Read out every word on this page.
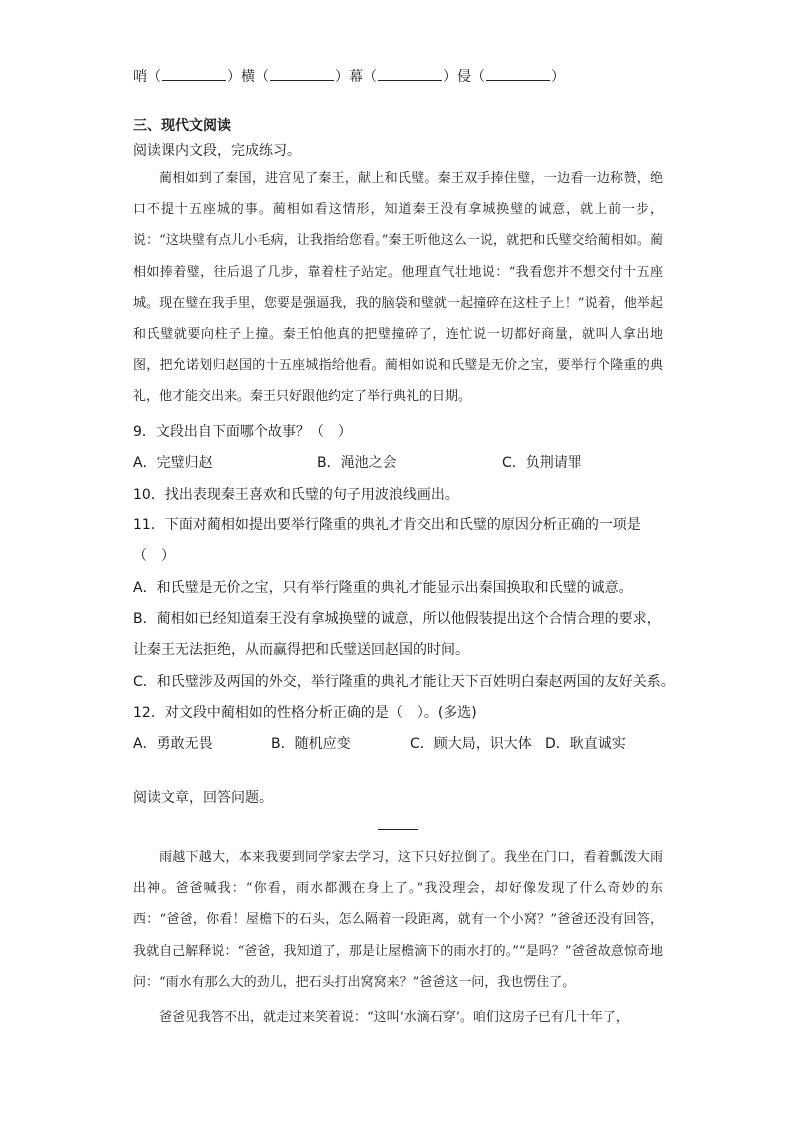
哨（	）横（	）幕（	）侵（	）
三、现代文阅读
阅读课内文段，完成练习。

蔺相如到了秦国，进宫见了秦王，献上和氏璧。秦王双手捧住璧，一边看一边称赞，绝口不提十五座城的事。蔺相如看这情形，知道秦王没有拿城换璧的诚意，就上前一步，说：“这块璧有点儿小毛病，让我指给您看。”秦王听他这么一说，就把和氏璧交给蔺相如。蔺相如捧着璧，往后退了几步，靠着柱子站定。他理直气壮地说：“我看您并不想交付十五座城。现在璧在我手里，您要是强逼我，我的脑袋和璧就一起撞碎在这柱子上！”说着，他举起和氏璧就要向柱子上撞。秦王怕他真的把璧撞碎了，连忙说一切都好商量，就叫人拿出地图，把允诺划归赵国的十五座城指给他看。蔺相如说和氏璧是无价之宝，要举行个隆重的典礼，他才能交出来。秦王只好跟他约定了举行典礼的日期。

9．文段出自下面哪个故事？（　）
A．完璧归赵	B．渑池之会	C．负荆请罪
10．找出表现秦王喜欢和氏璧的句子用波浪线画出。
11．下面对蔺相如提出要举行隆重的典礼才肯交出和氏璧的原因分析正确的一项是
（　）
A．和氏璧是无价之宝，只有举行隆重的典礼才能显示出秦国换取和氏璧的诚意。
B．蔺相如已经知道秦王没有拿城换璧的诚意，所以他假装提出这个合情合理的要求，
让秦王无法拒绝，从而赢得把和氏璧送回赵国的时间。
C．和氏璧涉及两国的外交，举行隆重的典礼才能让天下百姓明白秦赵两国的友好关系。
12．对文段中蔺相如的性格分析正确的是（　）。(多选)
A．勇敢无畏	B．随机应变	C．顾大局，识大体 D．耿直诚实
阅读文章，回答问题。

雨越下越大，本来我要到同学家去学习，这下只好拉倒了。我坐在门口，看着瓢泼大雨出神。爸爸喊我：“你看，雨水都溅在身上了。”我没理会，却好像发现了什么奇妙的东西：“爸爸，你看！屋檐下的石头，怎么隔着一段距离，就有一个小窝？”爸爸还没有回答，我就自己解释说：“爸爸，我知道了，那是让屋檐滴下的雨水打的。”“是吗？”爸爸故意惊奇地问：“雨水有那么大的劲儿，把石头打出窝窝来？”爸爸这一问，我也愣住了。

爸爸见我答不出，就走过来笑着说：“这叫‘水滴石穿’。咱们这房子已有几十年了，
